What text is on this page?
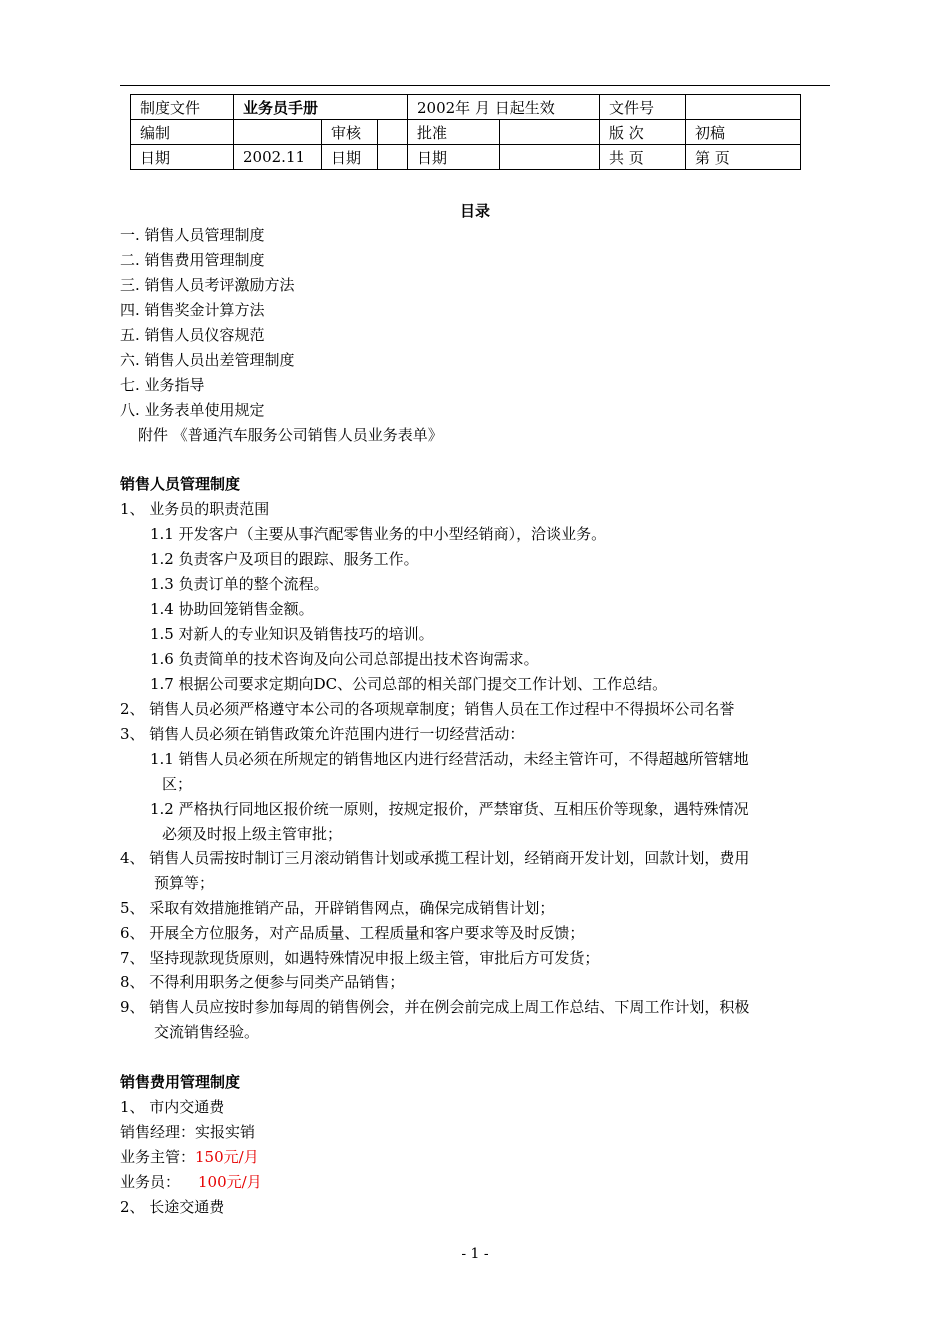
制度文件	业务员手册			2002年 月 日起生效		文件号	
编制		审核		批准		版 次	初稿
日期	2002.11	日期		日期		共 页	第 页
目录
一. 销售人员管理制度
二. 销售费用管理制度
三. 销售人员考评激励方法
四. 销售奖金计算方法
五. 销售人员仪容规范
六. 销售人员出差管理制度
七. 业务指导
八. 业务表单使用规定
附件 《普通汽车服务公司销售人员业务表单》
销售人员管理制度
1、 业务员的职责范围
1.1 开发客户（主要从事汽配零售业务的中小型经销商），洽谈业务。
1.2 负责客户及项目的跟踪、服务工作。
1.3 负责订单的整个流程。
1.4 协助回笼销售金额。
1.5 对新人的专业知识及销售技巧的培训。
1.6 负责简单的技术咨询及向公司总部提出技术咨询需求。
1.7 根据公司要求定期向DC、公司总部的相关部门提交工作计划、工作总结。
2、 销售人员必须严格遵守本公司的各项规章制度；销售人员在工作过程中不得损坏公司名誉
3、 销售人员必须在销售政策允许范围内进行一切经营活动：
1.1 销售人员必须在所规定的销售地区内进行经营活动，未经主管许可，不得超越所管辖地
区；
1.2 严格执行同地区报价统一原则，按规定报价，严禁窜货、互相压价等现象，遇特殊情况
必须及时报上级主管审批；
4、 销售人员需按时制订三月滚动销售计划或承揽工程计划，经销商开发计划，回款计划，费用
预算等；
5、 采取有效措施推销产品，开辟销售网点，确保完成销售计划；
6、 开展全方位服务，对产品质量、工程质量和客户要求等及时反馈；
7、 坚持现款现货原则，如遇特殊情况申报上级主管，审批后方可发货；
8、 不得利用职务之便参与同类产品销售；
9、 销售人员应按时参加每周的销售例会，并在例会前完成上周工作总结、下周工作计划，积极
交流销售经验。
销售费用管理制度
1、 市内交通费
销售经理：实报实销
业务主管：150元/月
业务员： 100元/月
2、 长途交通费
- 1 -
